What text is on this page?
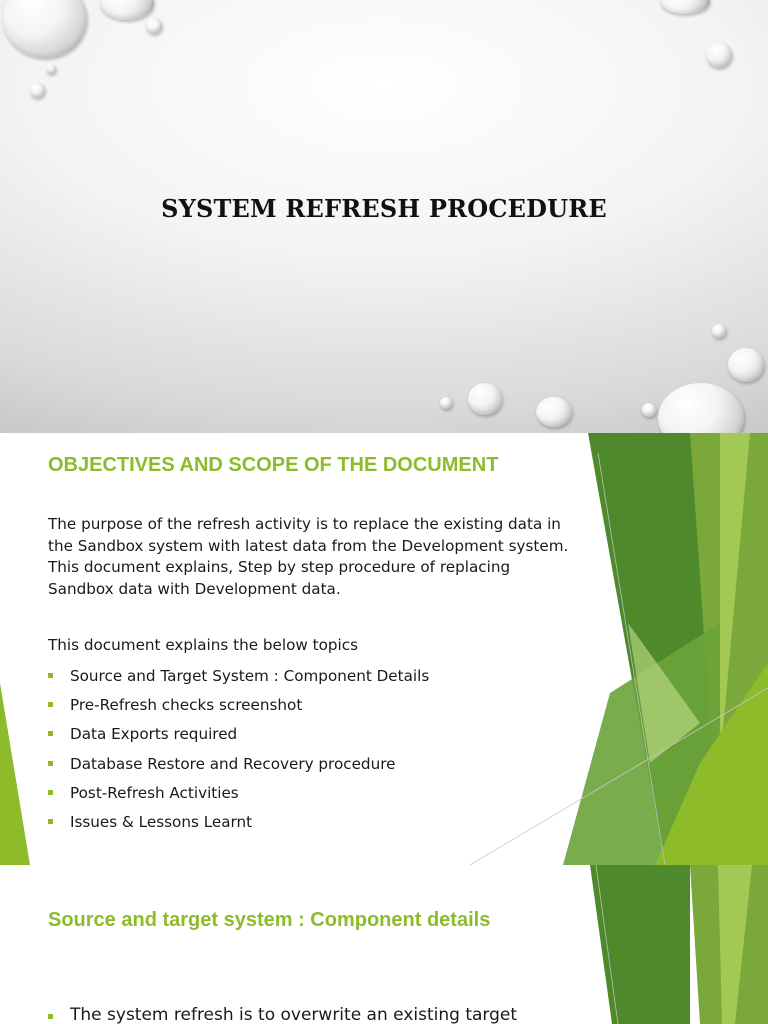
SYSTEM REFRESH PROCEDURE
OBJECTIVES AND SCOPE OF THE DOCUMENT
The purpose of the refresh activity is to replace the existing data in the Sandbox system with latest data from the Development system. This document explains, Step by step procedure of replacing Sandbox data with Development data.
This document explains the below topics
Source and Target System : Component Details
Pre-Refresh checks screenshot
Data Exports required
Database Restore and Recovery procedure
Post-Refresh Activities
Issues & Lessons Learnt
Source and target system : Component details
The system refresh is to overwrite an existing target
